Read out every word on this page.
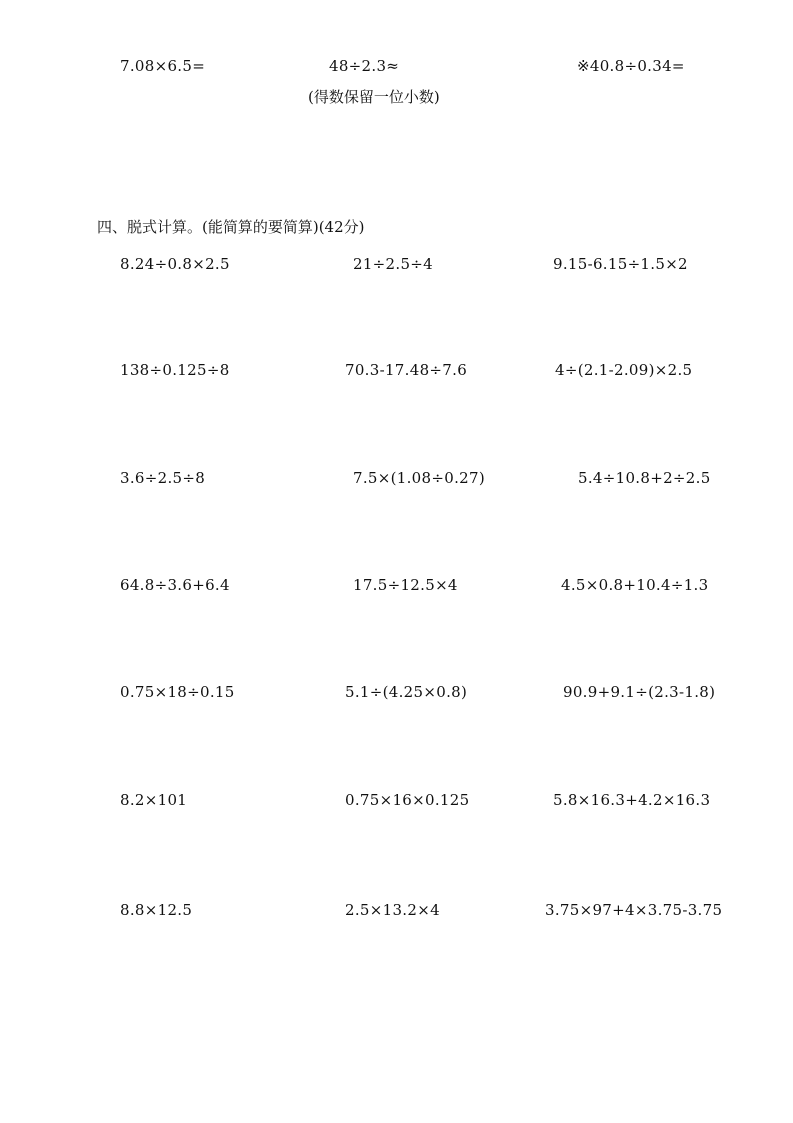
7.08×6.5=	48÷2.3≈	※40.8÷0.34=
(得数保留一位小数)
四、脱式计算。(能简算的要简算)(42分)
8.24÷0.8×2.5	21÷2.5÷4	9.15-6.15÷1.5×2
138÷0.125÷8	70.3-17.48÷7.6	4÷(2.1-2.09)×2.5
3.6÷2.5÷8	7.5×(1.08÷0.27)	5.4÷10.8+2÷2.5
64.8÷3.6+6.4	17.5÷12.5×4	4.5×0.8+10.4÷1.3
0.75×18÷0.15	5.1÷(4.25×0.8)	90.9+9.1÷(2.3-1.8)
8.2×101	0.75×16×0.125	5.8×16.3+4.2×16.3
8.8×12.5	2.5×13.2×4	3.75×97+4×3.75-3.75
